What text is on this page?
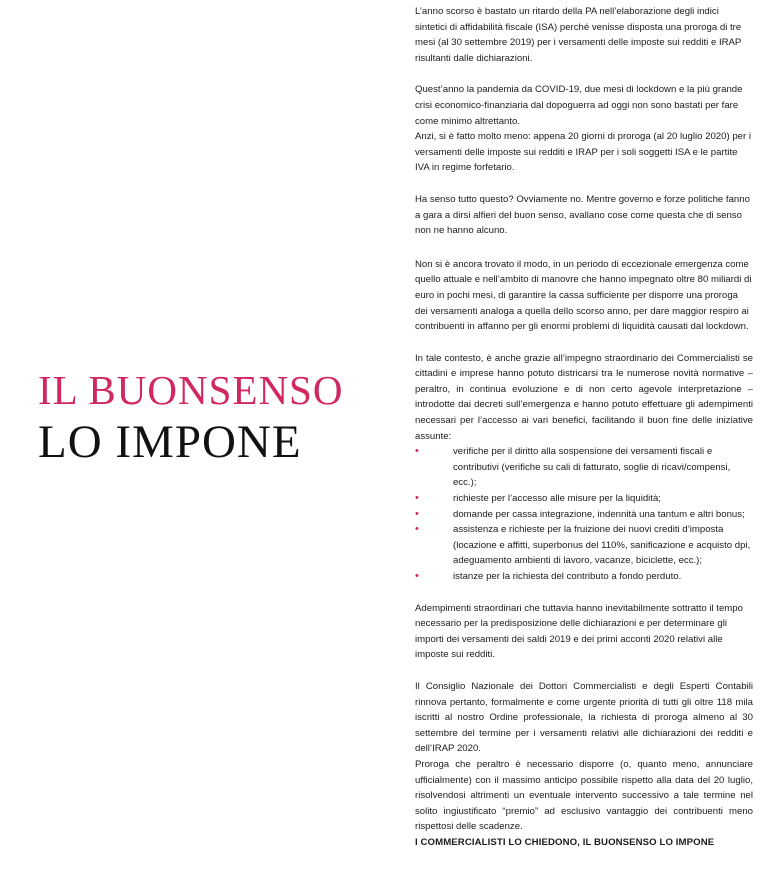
IL BUONSENSO
LO IMPONE

L’anno scorso è bastato un ritardo della PA nell’elaborazione degli indici sintetici di affidabilità fiscale (ISA) perché venisse disposta una proroga di tre mesi (al 30 settembre 2019) per i versamenti delle imposte sui redditi e IRAP risultanti dalle dichiarazioni.

Quest’anno la pandemia da COVID-19, due mesi di lockdown e la più grande crisi economico-finanziaria dal dopoguerra ad oggi non sono bastati per fare come minimo altrettanto.

Anzi, si è fatto molto meno: appena 20 giorni di proroga (al 20 luglio 2020) per i versamenti delle imposte sui redditi e IRAP per i soli soggetti ISA e le partite IVA in regime forfetario.

Ha senso tutto questo? Ovviamente no. Mentre governo e forze politiche fanno a gara a dirsi alfieri del buon senso, avallano cose come questa che di senso non ne hanno alcuno.

Non si è ancora trovato il modo, in un periodo di eccezionale emergenza come quello attuale e nell’ambito di manovre che hanno impegnato oltre 80 miliardi di euro in pochi mesi, di garantire la cassa sufficiente per disporre una proroga dei versamenti analoga a quella dello scorso anno, per dare maggior respiro ai contribuenti in affanno per gli enormi problemi di liquidità causati dal lockdown.

In tale contesto, è anche grazie all’impegno straordinario dei Commercialisti se cittadini e imprese hanno potuto districarsi tra le numerose novità normative – peraltro, in continua evoluzione e di non certo agevole interpretazione – introdotte dai decreti sull’emergenza e hanno potuto effettuare gli adempimenti necessari per l’accesso ai vari benefici, facilitando il buon fine delle iniziative assunte:

•	verifiche per il diritto alla sospensione dei versamenti fiscali e contributivi (verifiche su cali di fatturato, soglie di ricavi/compensi, ecc.);
•	richieste per l’accesso alle misure per la liquidità;
•	domande per cassa integrazione, indennità una tantum e altri bonus;
•	assistenza e richieste per la fruizione dei nuovi crediti d’imposta (locazione e affitti, superbonus del 110%, sanificazione e acquisto dpi, adeguamento ambienti di lavoro, vacanze, biciclette, ecc.);
•	istanze per la richiesta del contributo a fondo perduto.

Adempimenti straordinari che tuttavia hanno inevitabilmente sottratto il tempo necessario per la predisposizione delle dichiarazioni e per determinare gli importi dei versamenti dei saldi 2019 e dei primi acconti 2020 relativi alle imposte sui redditi.

Il Consiglio Nazionale dei Dottori Commercialisti e degli Esperti Contabili rinnova pertanto, formalmente e come urgente priorità di tutti gli oltre 118 mila iscritti al nostro Ordine professionale, la richiesta di proroga almeno al 30 settembre del termine per i versamenti relativi alle dichiarazioni dei redditi e dell’IRAP 2020.

Proroga che peraltro è necessario disporre (o, quanto meno, annunciare ufficialmente) con il massimo anticipo possibile rispetto alla data del 20 luglio, risolvendosi altrimenti un eventuale intervento successivo a tale termine nel solito ingiustificato “premio” ad esclusivo vantaggio dei contribuenti meno rispettosi delle scadenze.

I COMMERCIALISTI LO CHIEDONO, IL BUONSENSO LO IMPONE
